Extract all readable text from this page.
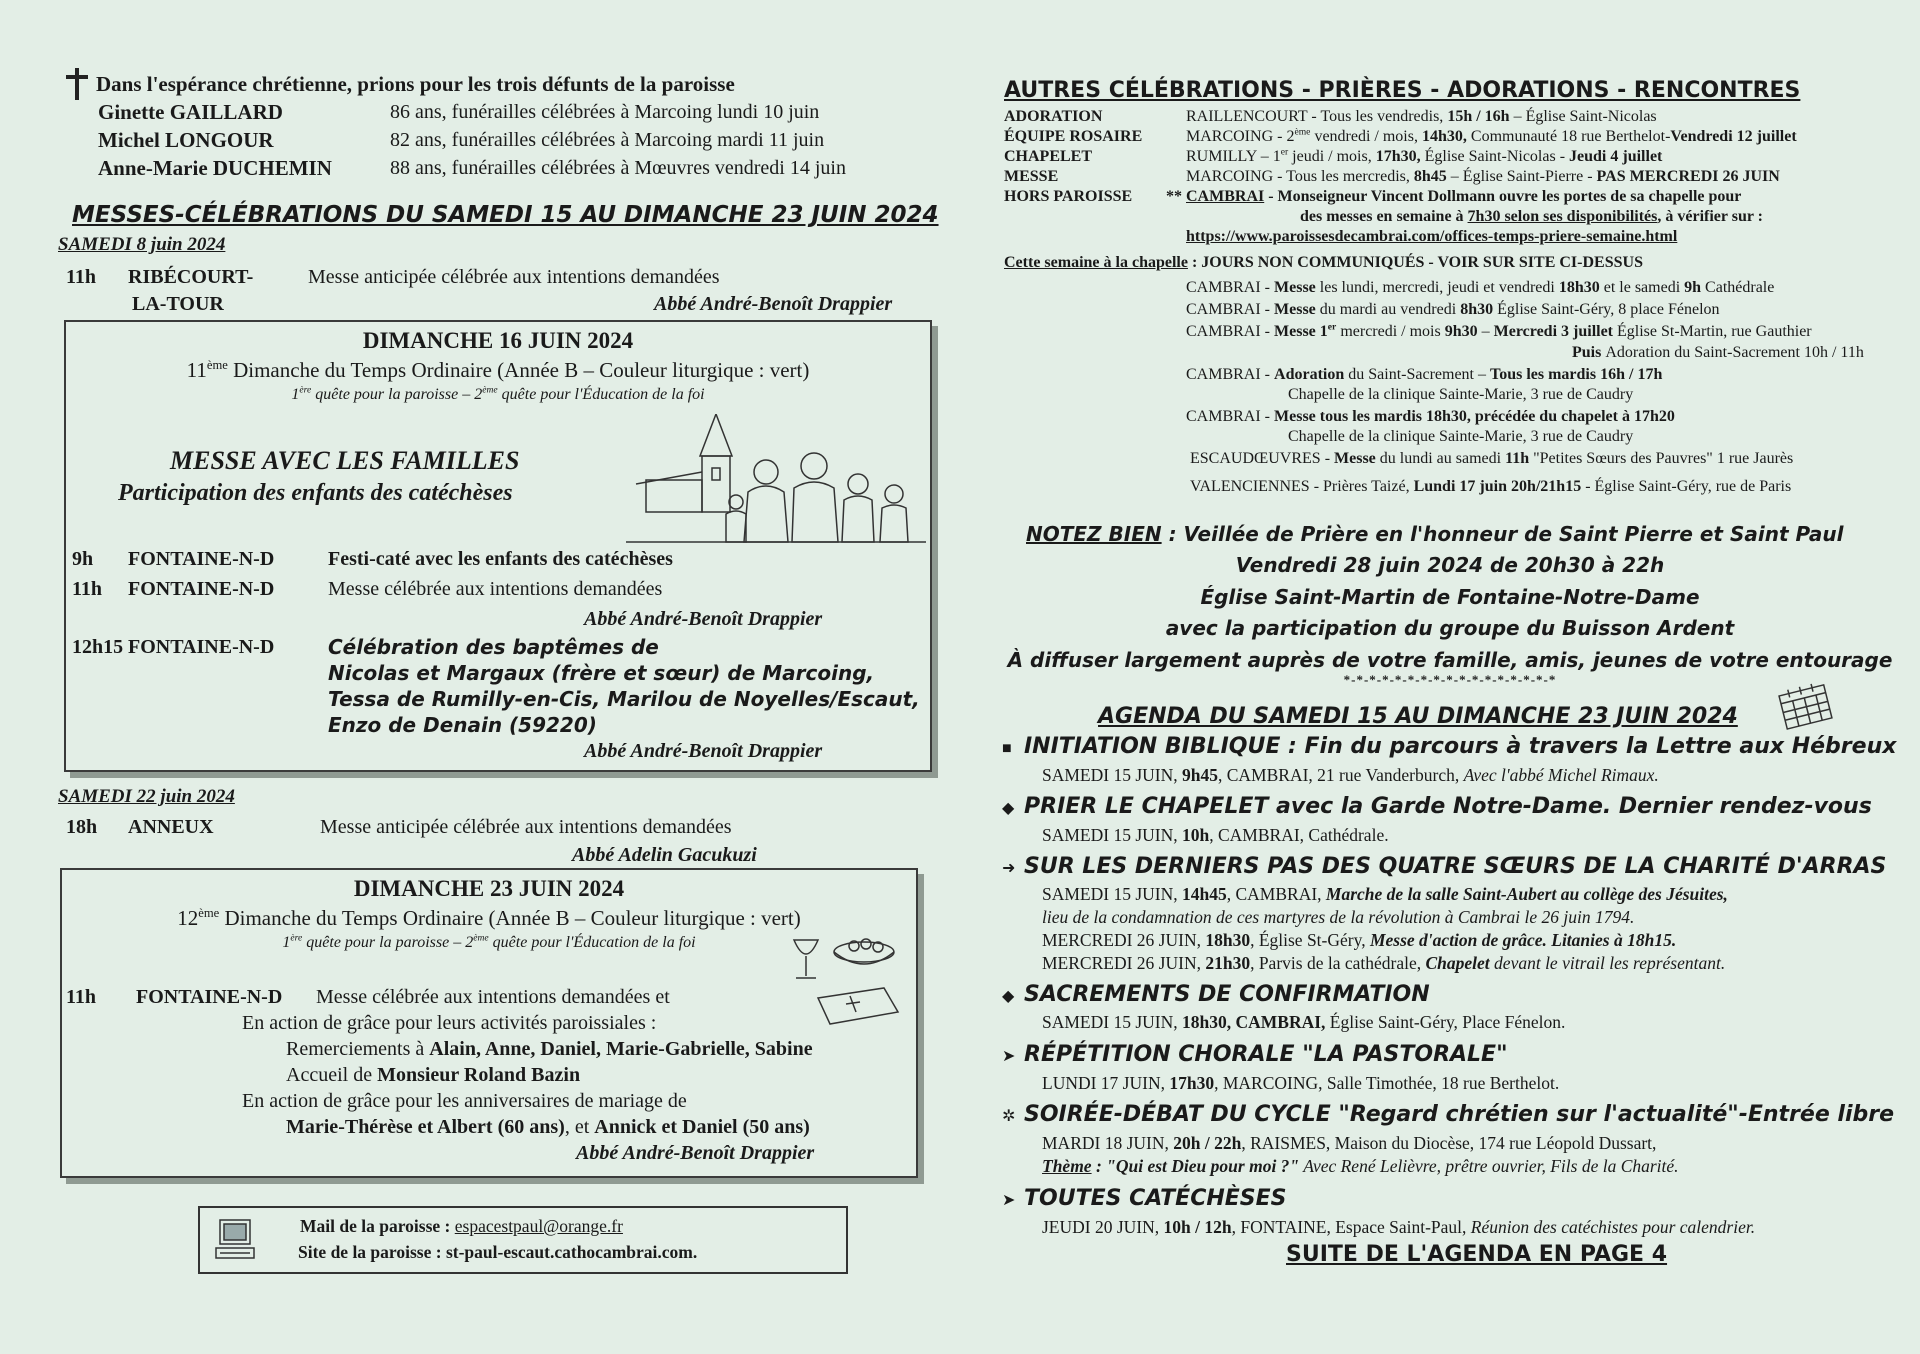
Dans l'espérance chrétienne, prions pour les trois défunts de la paroisse
Ginette GAILLARD	86 ans, funérailles célébrées à Marcoing lundi 10 juin
Michel LONGOUR	82 ans, funérailles célébrées à Marcoing mardi 11 juin
Anne-Marie DUCHEMIN	88 ans, funérailles célébrées à Mœuvres vendredi 14 juin
MESSES-CÉLÉBRATIONS DU SAMEDI 15 AU DIMANCHE 23 JUIN 2024
SAMEDI 8 juin 2024
11h RIBÉCOURT-
LA-TOUR
Messe anticipée célébrée aux intentions demandées
Abbé André-Benoît Drappier
DIMANCHE 16 JUIN 2024
11ème Dimanche du Temps Ordinaire (Année B – Couleur liturgique : vert)
1ère quête pour la paroisse – 2ème quête pour l'Éducation de la foi
MESSE AVEC LES FAMILLES
Participation des enfants des catéchèses
9h FONTAINE-N-D	Festi-caté avec les enfants des catéchèses
11h FONTAINE-N-D	Messe célébrée aux intentions demandées
Abbé André-Benoît Drappier
12h15 FONTAINE-N-D	Célébration des baptêmes de
Nicolas et Margaux (frère et sœur) de Marcoing,
Tessa de Rumilly-en-Cis, Marilou de Noyelles/Escaut,
Enzo de Denain (59220)
Abbé André-Benoît Drappier
SAMEDI 22 juin 2024
18h ANNEUX	Messe anticipée célébrée aux intentions demandées
Abbé Adelin Gacukuzi
DIMANCHE 23 JUIN 2024
12ème Dimanche du Temps Ordinaire (Année B – Couleur liturgique : vert)
1ère quête pour la paroisse – 2ème quête pour l'Éducation de la foi
11h FONTAINE-N-D Messe célébrée aux intentions demandées et
En action de grâce pour leurs activités paroissiales :
Remerciements à Alain, Anne, Daniel, Marie-Gabrielle, Sabine
Accueil de Monsieur Roland Bazin
En action de grâce pour les anniversaires de mariage de
Marie-Thérèse et Albert (60 ans), et Annick et Daniel (50 ans)
Abbé André-Benoît Drappier
Mail de la paroisse : espacestpaul@orange.fr
Site de la paroisse : st-paul-escaut.cathocambrai.com.
AUTRES CÉLÉBRATIONS - PRIÈRES - ADORATIONS - RENCONTRES
ADORATION	RAILLENCOURT - Tous les vendredis, 15h / 16h – Église Saint-Nicolas
ÉQUIPE ROSAIRE	MARCOING - 2ème vendredi / mois, 14h30, Communauté 18 rue Berthelot-Vendredi 12 juillet
CHAPELET	RUMILLY – 1er jeudi / mois, 17h30, Église Saint-Nicolas - Jeudi 4 juillet
MESSE	MARCOING - Tous les mercredis, 8h45 – Église Saint-Pierre - PAS MERCREDI 26 JUIN
HORS PAROISSE ** CAMBRAI - Monseigneur Vincent Dollmann ouvre les portes de sa chapelle pour
des messes en semaine à 7h30 selon ses disponibilités, à vérifier sur :
https://www.paroissesdecambrai.com/offices-temps-priere-semaine.html
Cette semaine à la chapelle : JOURS NON COMMUNIQUÉS - VOIR SUR SITE CI-DESSUS
CAMBRAI - Messe les lundi, mercredi, jeudi et vendredi 18h30 et le samedi 9h Cathédrale
CAMBRAI - Messe du mardi au vendredi 8h30 Église Saint-Géry, 8 place Fénelon
CAMBRAI - Messe 1er mercredi / mois 9h30 – Mercredi 3 juillet Église St-Martin, rue Gauthier
Puis Adoration du Saint-Sacrement 10h / 11h
CAMBRAI - Adoration du Saint-Sacrement – Tous les mardis 16h / 17h
Chapelle de la clinique Sainte-Marie, 3 rue de Caudry
CAMBRAI - Messe tous les mardis 18h30, précédée du chapelet à 17h20
Chapelle de la clinique Sainte-Marie, 3 rue de Caudry
ESCAUDŒUVRES - Messe du lundi au samedi 11h "Petites Sœurs des Pauvres" 1 rue Jaurès
VALENCIENNES - Prières Taizé, Lundi 17 juin 20h/21h15 - Église Saint-Géry, rue de Paris
NOTEZ BIEN : Veillée de Prière en l'honneur de Saint Pierre et Saint Paul
Vendredi 28 juin 2024 de 20h30 à 22h
Église Saint-Martin de Fontaine-Notre-Dame
avec la participation du groupe du Buisson Ardent
À diffuser largement auprès de votre famille, amis, jeunes de votre entourage
*-*-*-*-*-*-*-*-*-*-*-*-*-*-*-*-*
AGENDA DU SAMEDI 15 AU DIMANCHE 23 JUIN 2024
■ INITIATION BIBLIQUE : Fin du parcours à travers la Lettre aux Hébreux
SAMEDI 15 JUIN, 9h45, CAMBRAI, 21 rue Vanderburch, Avec l'abbé Michel Rimaux.
◆ PRIER LE CHAPELET avec la Garde Notre-Dame. Dernier rendez-vous
SAMEDI 15 JUIN, 10h, CAMBRAI, Cathédrale.
➜ SUR LES DERNIERS PAS DES QUATRE SŒURS DE LA CHARITÉ D'ARRAS
SAMEDI 15 JUIN, 14h45, CAMBRAI, Marche de la salle Saint-Aubert au collège des Jésuites,
lieu de la condamnation de ces martyres de la révolution à Cambrai le 26 juin 1794.
MERCREDI 26 JUIN, 18h30, Église St-Géry, Messe d'action de grâce. Litanies à 18h15.
MERCREDI 26 JUIN, 21h30, Parvis de la cathédrale, Chapelet devant le vitrail les représentant.
◆ SACREMENTS DE CONFIRMATION
SAMEDI 15 JUIN, 18h30, CAMBRAI, Église Saint-Géry, Place Fénelon.
➤ RÉPÉTITION CHORALE "LA PASTORALE"
LUNDI 17 JUIN, 17h30, MARCOING, Salle Timothée, 18 rue Berthelot.
✲ SOIRÉE-DÉBAT DU CYCLE "Regard chrétien sur l'actualité"-Entrée libre
MARDI 18 JUIN, 20h / 22h, RAISMES, Maison du Diocèse, 174 rue Léopold Dussart,
Thème : "Qui est Dieu pour moi ?" Avec René Lelièvre, prêtre ouvrier, Fils de la Charité.
➤ TOUTES CATÉCHÈSES
JEUDI 20 JUIN, 10h / 12h, FONTAINE, Espace Saint-Paul, Réunion des catéchistes pour calendrier.
SUITE DE L'AGENDA EN PAGE 4
